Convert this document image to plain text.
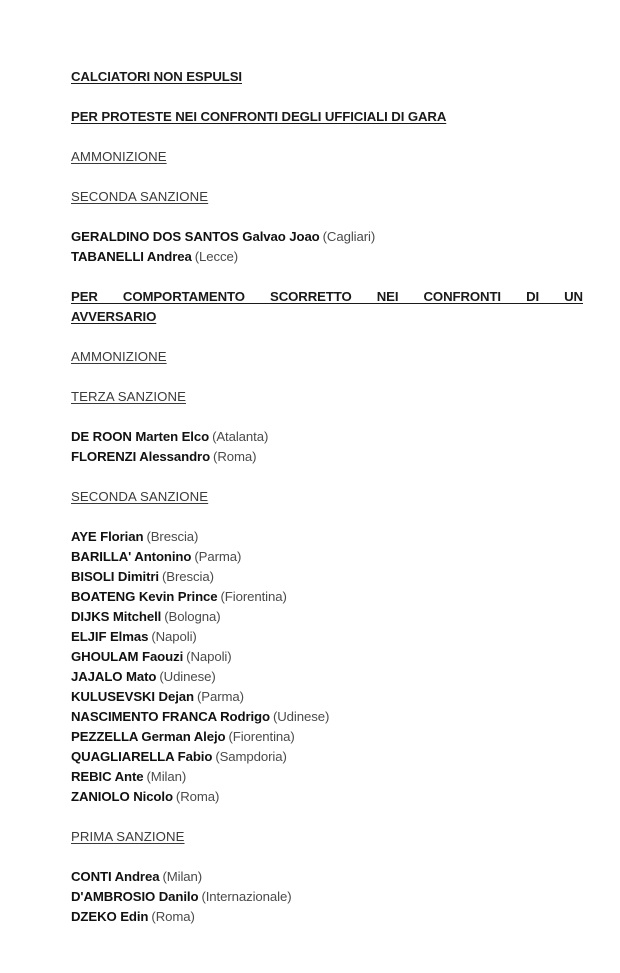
CALCIATORI NON ESPULSI
PER PROTESTE NEI CONFRONTI DEGLI UFFICIALI DI GARA
AMMONIZIONE
SECONDA SANZIONE
GERALDINO DOS SANTOS Galvao Joao (Cagliari)
TABANELLI Andrea (Lecce)
PER COMPORTAMENTO SCORRETTO NEI CONFRONTI DI UN
AVVERSARIO
AMMONIZIONE
TERZA SANZIONE
DE ROON Marten Elco (Atalanta)
FLORENZI Alessandro (Roma)
SECONDA SANZIONE
AYE Florian (Brescia)
BARILLA' Antonino (Parma)
BISOLI Dimitri (Brescia)
BOATENG Kevin Prince (Fiorentina)
DIJKS Mitchell (Bologna)
ELJIF Elmas (Napoli)
GHOULAM Faouzi (Napoli)
JAJALO Mato (Udinese)
KULUSEVSKI Dejan (Parma)
NASCIMENTO FRANCA Rodrigo (Udinese)
PEZZELLA German Alejo (Fiorentina)
QUAGLIARELLA Fabio (Sampdoria)
REBIC Ante (Milan)
ZANIOLO Nicolo (Roma)
PRIMA SANZIONE
CONTI Andrea (Milan)
D'AMBROSIO Danilo (Internazionale)
DZEKO Edin (Roma)
